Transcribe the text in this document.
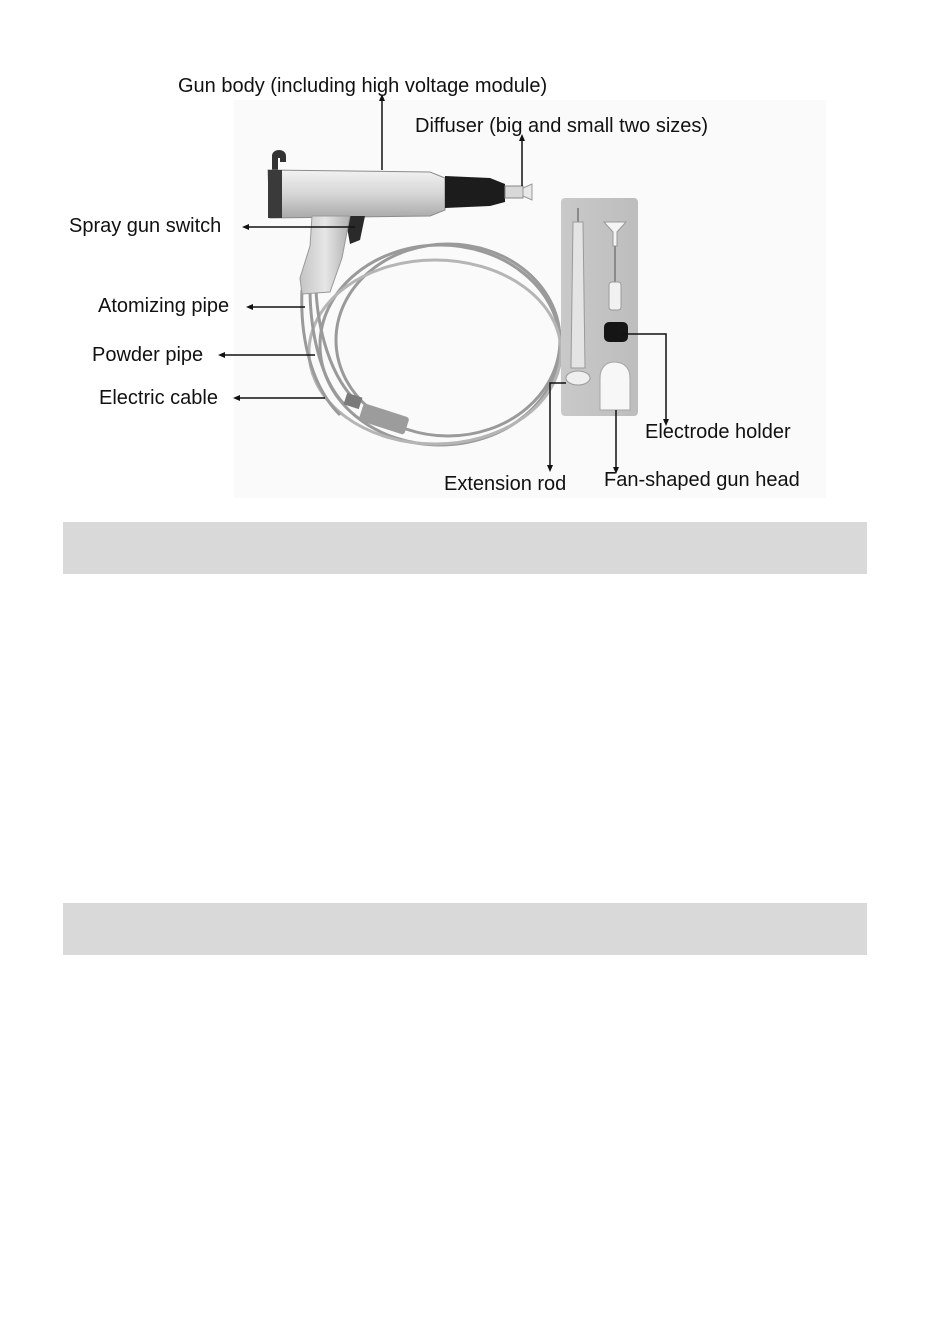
Gun body (including high voltage module)
Diffuser (big and small two sizes)
Spray gun switch
Atomizing pipe
Powder pipe
Electric cable
Electrode holder
Extension rod Fan-shaped gun head
